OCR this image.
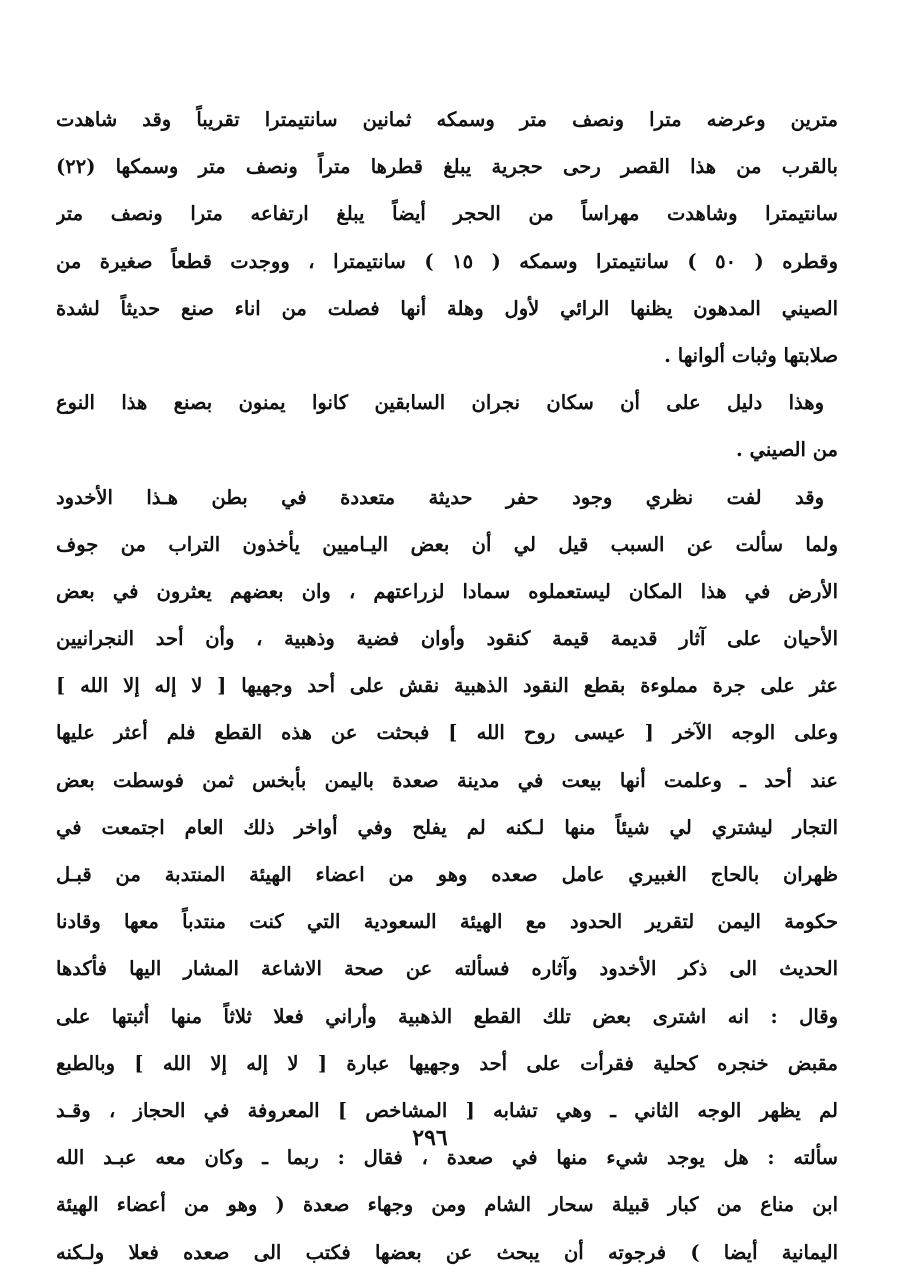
مترين وعرضه مترا ونصف متر وسمكه ثمانين سانتيمترا تقريباً وقد شاهدت
بالقرب من هذا القصر رحى حجرية يبلغ قطرها متراً ونصف متر وسمكها (٢٢)
سانتيمترا وشاهدت مهراساً من الحجر أيضاً يبلغ ارتفاعه مترا ونصف متر
وقطره ( ٥٠ ) سانتيمترا وسمكه ( ١٥ ) سانتيمترا ، ووجدت قطعاً صغيرة من
الصيني المدهون يظنها الرائي لأول وهلة أنها فصلت من اناء صنع حديثاً لشدة
صلابتها وثبات ألوانها .
وهذا دليل على أن سكان نجران السابقين كانوا يمنون بصنع هذا النوع
من الصيني .
وقد لفت نظري وجود حفر حديثة متعددة في بطن هـذا الأخدود
ولما سألت عن السبب قيل لي أن بعض اليـاميين يأخذون التراب من جوف
الأرض في هذا المكان ليستعملوه سمادا لزراعتهم ، وان بعضهم يعثرون في بعض
الأحيان على آثار قديمة قيمة كنقود وأوان فضية وذهبية ، وأن أحد النجرانيين
عثر على جرة مملوءة بقطع النقود الذهبية نقش على أحد وجهيها [ لا إله إلا الله ]
وعلى الوجه الآخر [ عيسى روح الله ] فبحثت عن هذه القطع فلم أعثر عليها
عند أحد ـ وعلمت أنها بيعت في مدينة صعدة باليمن بأبخس ثمن فوسطت بعض
التجار ليشتري لي شيئاً منها لـكنه لم يفلح وفي أواخر ذلك العام اجتمعت في
ظهران بالحاج الغبيري عامل صعده وهو من اعضاء الهيئة المنتدبة من قبـل
حكومة اليمن لتقرير الحدود مع الهيئة السعودية التي كنت منتدباً معها وقادنا
الحديث الى ذكر الأخدود وآثاره فسألته عن صحة الاشاعة المشار اليها فأكدها
وقال : انه اشترى بعض تلك القطع الذهبية وأراني فعلا ثلاثاً منها أثبتها على
مقبض خنجره كحلية فقرأت على أحد وجهيها عبارة [ لا إله إلا الله ] وبالطبع
لم يظهر الوجه الثاني ـ وهي تشابه [ المشاخص ] المعروفة في الحجاز ، وقـد
سألته : هل يوجد شيء منها في صعدة ، فقال : ربما ـ وكان معه عبـد الله
ابن مناع من كبار قبيلة سحار الشام ومن وجهاء صعدة ( وهو من أعضاء الهيئة
اليمانية أيضا ) فرجوته أن يبحث عن بعضها فكتب الى صعده فعلا ولـكنه
٢٩٦
